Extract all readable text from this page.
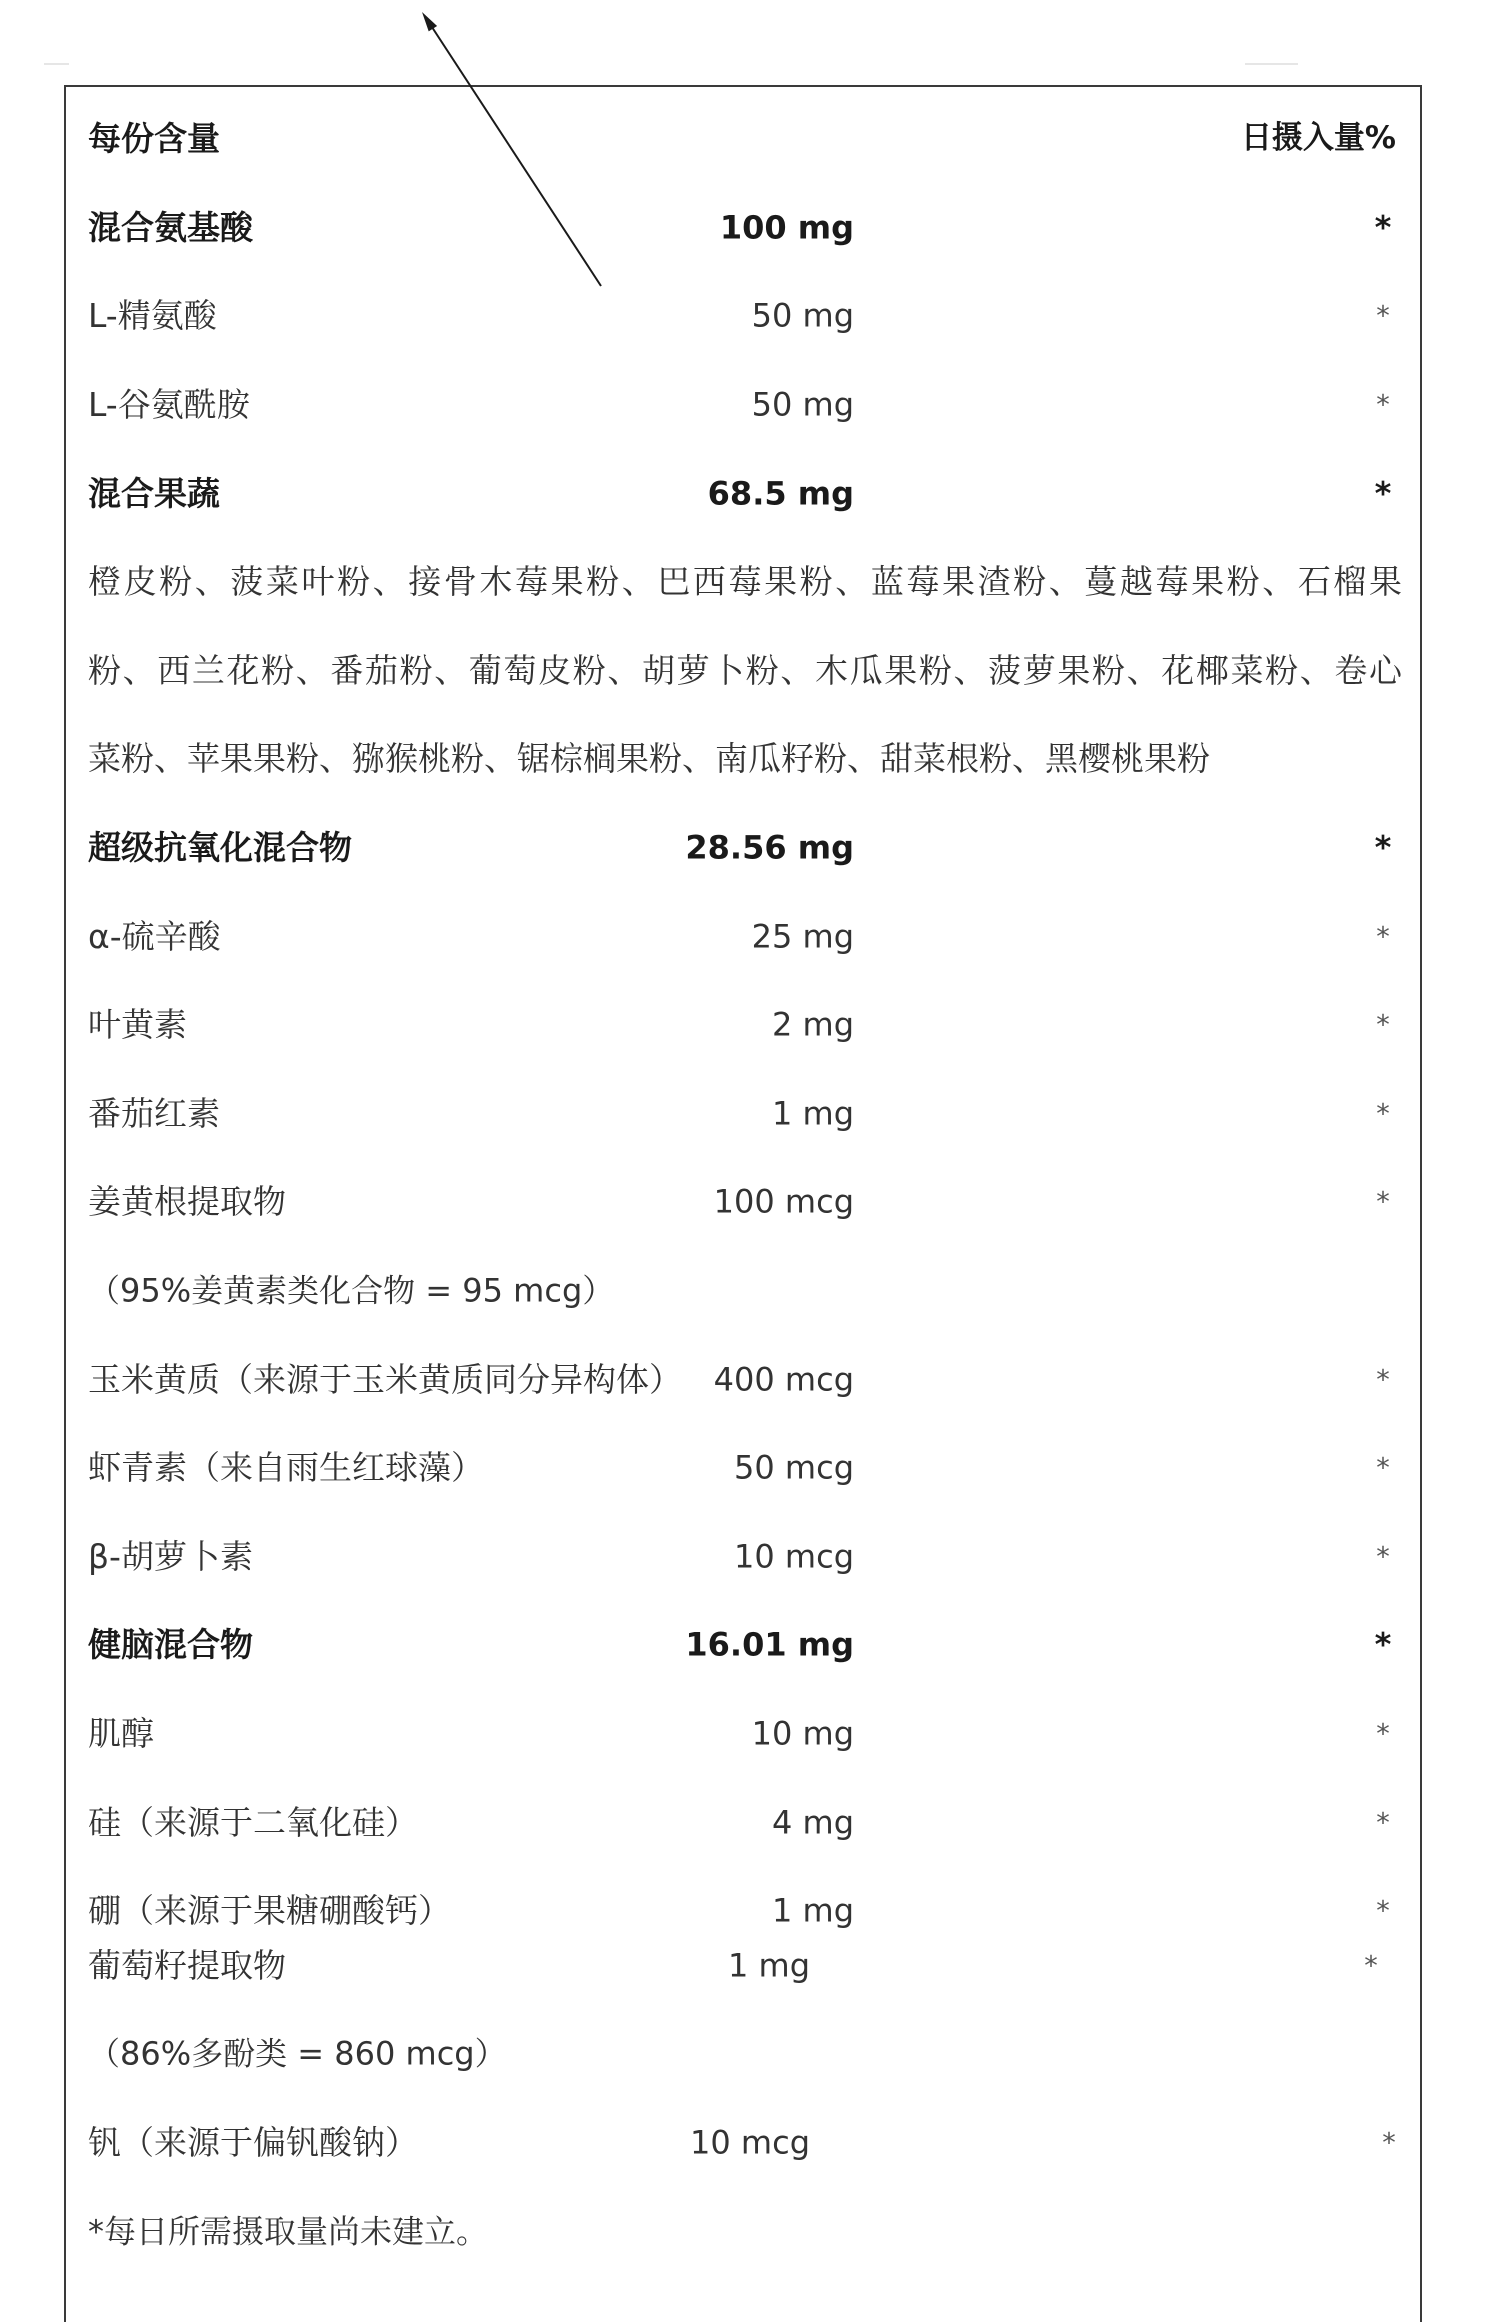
每份含量	日摄入量%
混合氨基酸	100 mg	*
L-精氨酸	50 mg	*
L-谷氨酰胺	50 mg	*
混合果蔬	68.5 mg	*
橙皮粉、菠菜叶粉、接骨木莓果粉、巴西莓果粉、蓝莓果渣粉、蔓越莓果粉、石榴果
粉、西兰花粉、番茄粉、葡萄皮粉、胡萝卜粉、木瓜果粉、菠萝果粉、花椰菜粉、卷心
菜粉、苹果果粉、猕猴桃粉、锯棕榈果粉、南瓜籽粉、甜菜根粉、黑樱桃果粉
超级抗氧化混合物	28.56 mg	*
α-硫辛酸	25 mg	*
叶黄素	2 mg	*
番茄红素	1 mg	*
姜黄根提取物	100 mcg	*
（95%姜黄素类化合物 = 95 mcg）
玉米黄质（来源于玉米黄质同分异构体） 400 mcg	*
虾青素（来自雨生红球藻）	50 mcg	*
β-胡萝卜素	10 mcg	*
健脑混合物	16.01 mg	*
肌醇	10 mg	*
硅（来源于二氧化硅）	4 mg	*
硼（来源于果糖硼酸钙）	1 mg	*
葡萄籽提取物	1 mg	*
（86%多酚类 = 860 mcg）
钒（来源于偏钒酸钠）	10 mcg	*
*每日所需摄取量尚未建立。
